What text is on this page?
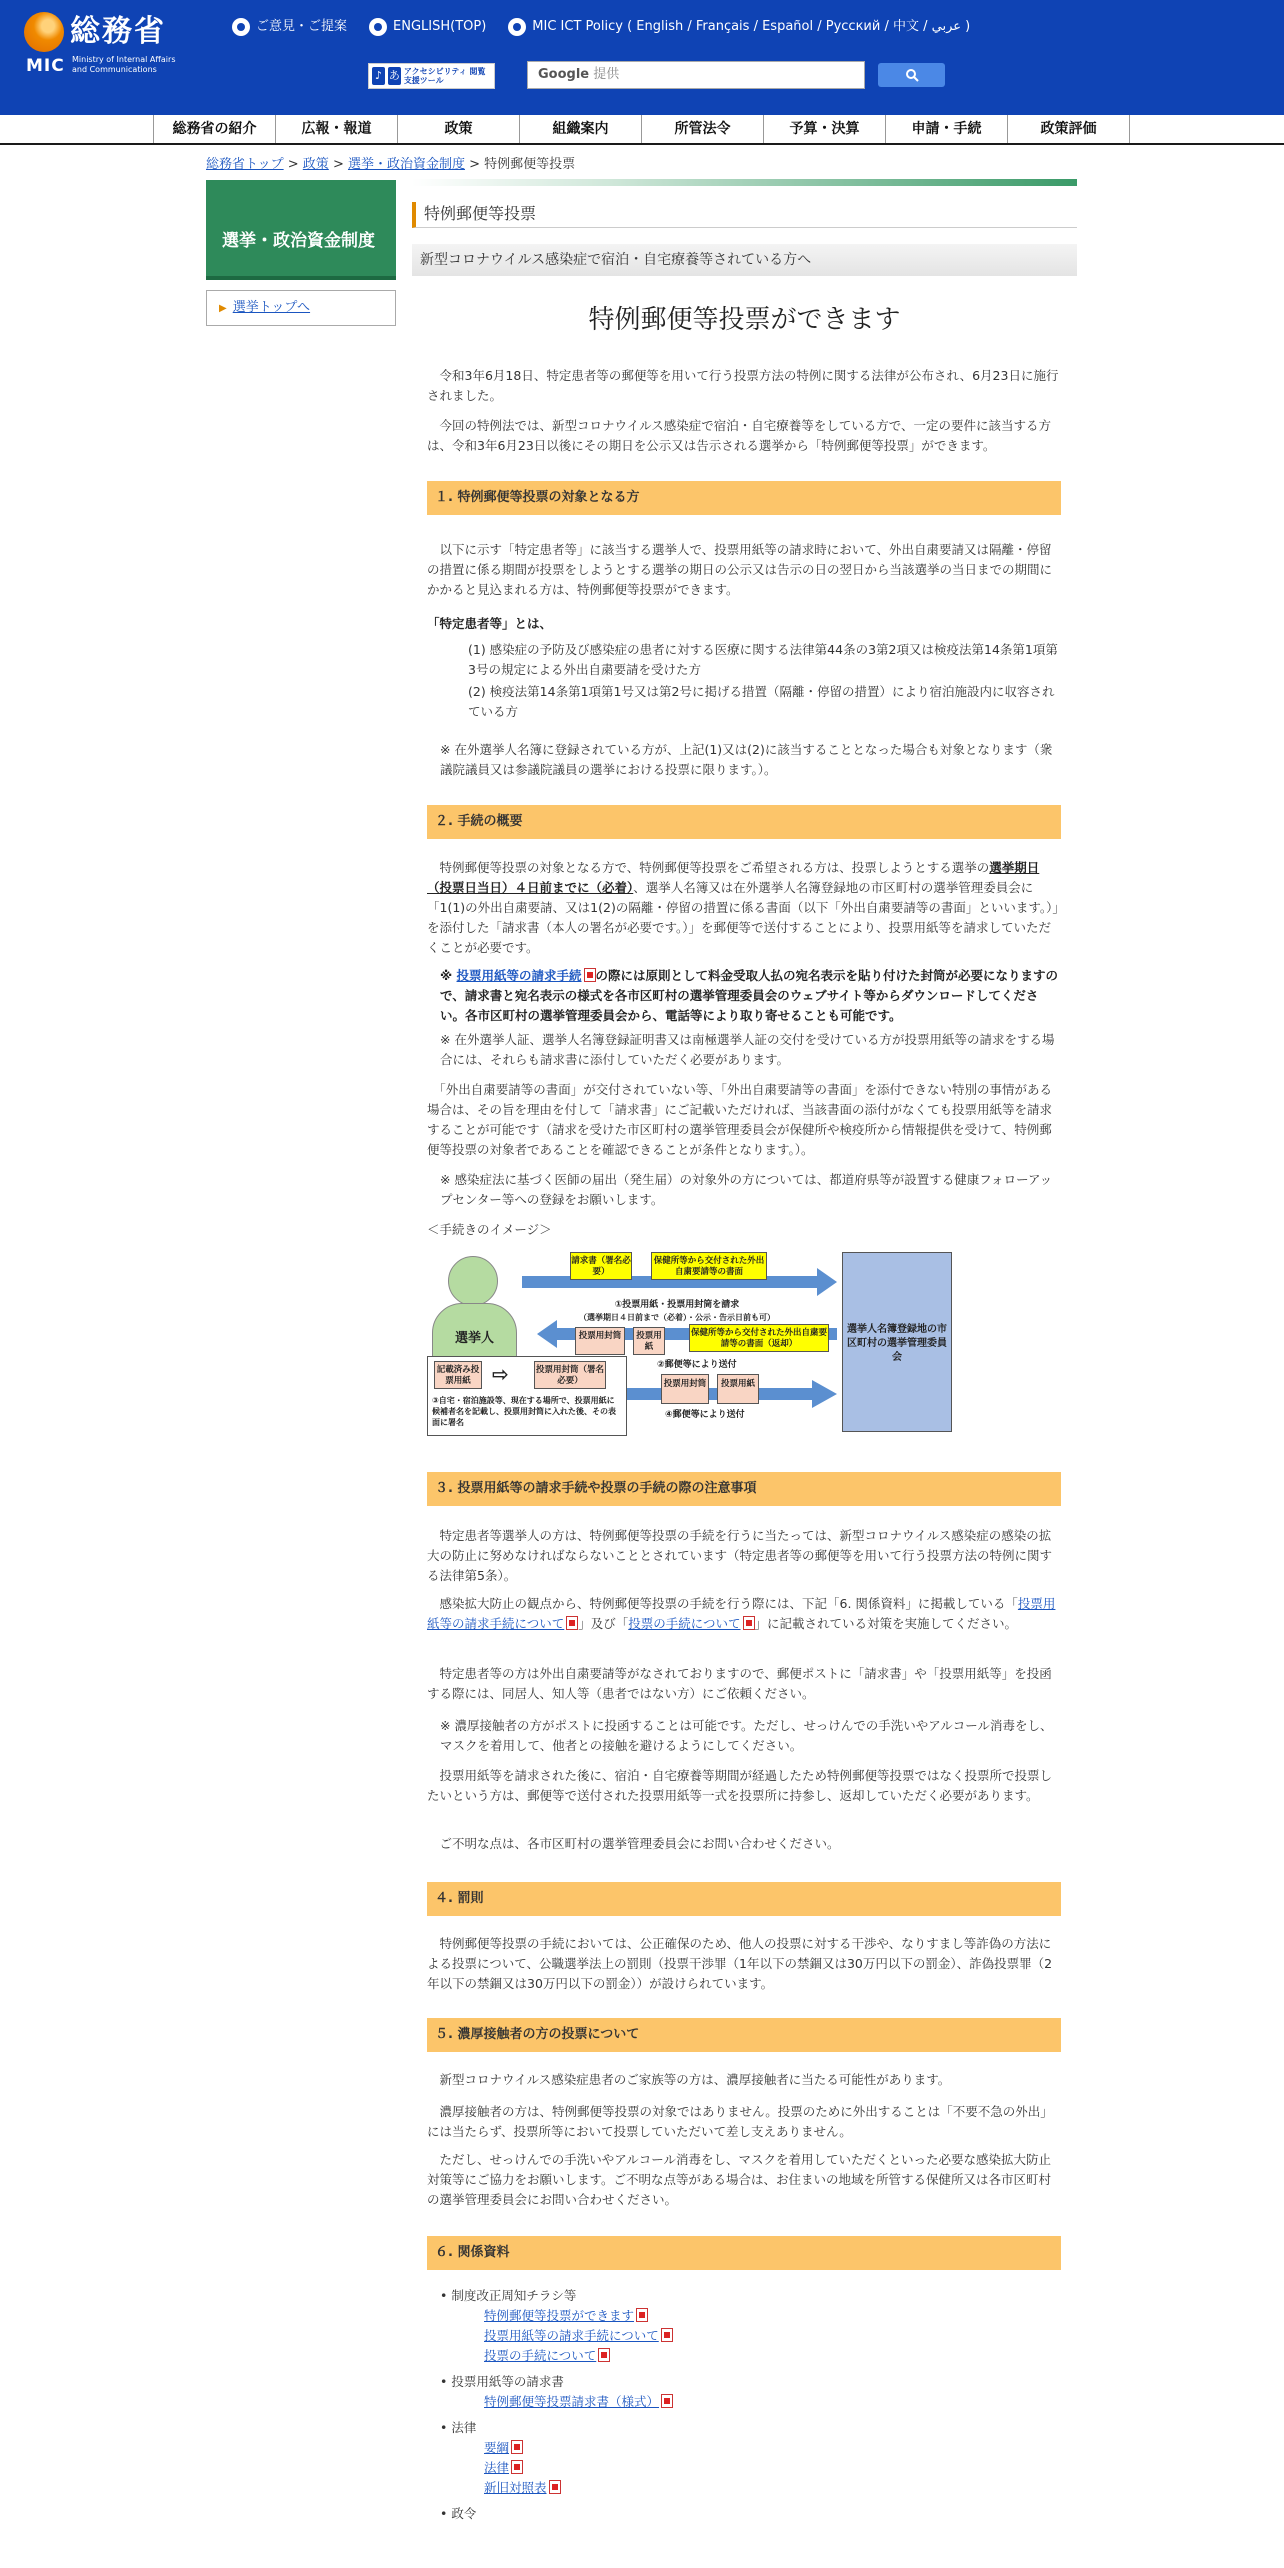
総務省
MIC Ministry of Internal Affairs and Communications
ご意見・ご提案	ENGLISH(TOP)	MIC ICT Policy ( English / Français / Español / Русский / 中文 / عربي )
♪ あ アクセシビリティ 閲覧支援ツール	Google 提供
総務省の紹介	広報・報道	政策	組織案内	所管法令	予算・決算	申請・手続	政策評価
総務省トップ > 政策 > 選挙・政治資金制度 > 特例郵便等投票
選挙・政治資金制度
▶ 選挙トップへ
特例郵便等投票
新型コロナウイルス感染症で宿泊・自宅療養等されている方へ
特例郵便等投票ができます
　令和3年6月18日、特定患者等の郵便等を用いて行う投票方法の特例に関する法律が公布され、6月23日に施行されました。
　今回の特例法では、新型コロナウイルス感染症で宿泊・自宅療養等をしている方で、一定の要件に該当する方は、令和3年6月23日以後にその期日を公示又は告示される選挙から「特例郵便等投票」ができます。
１. 特例郵便等投票の対象となる方
　以下に示す「特定患者等」に該当する選挙人で、投票用紙等の請求時において、外出自粛要請又は隔離・停留の措置に係る期間が投票をしようとする選挙の期日の公示又は告示の日の翌日から当該選挙の当日までの期間にかかると見込まれる方は、特例郵便等投票ができます。
「特定患者等」とは、
(1) 感染症の予防及び感染症の患者に対する医療に関する法律第44条の3第2項又は検疫法第14条第1項第3号の規定による外出自粛要請を受けた方
(2) 検疫法第14条第1項第1号又は第2号に掲げる措置（隔離・停留の措置）により宿泊施設内に収容されている方
※ 在外選挙人名簿に登録されている方が、上記(1)又は(2)に該当することとなった場合も対象となります（衆議院議員又は参議院議員の選挙における投票に限ります。）。
２. 手続の概要
　特例郵便等投票の対象となる方で、特例郵便等投票をご希望される方は、投票しようとする選挙の選挙期日（投票日当日）４日前までに（必着）、選挙人名簿又は在外選挙人名簿登録地の市区町村の選挙管理委員会に「1(1)の外出自粛要請、又は1(2)の隔離・停留の措置に係る書面（以下「外出自粛要請等の書面」といいます。）」を添付した「請求書（本人の署名が必要です。）」を郵便等で送付することにより、投票用紙等を請求していただくことが必要です。
※ 投票用紙等の請求手続 の際には原則として料金受取人払の宛名表示を貼り付けた封筒が必要になりますので、請求書と宛名表示の様式を各市区町村の選挙管理委員会のウェブサイト等からダウンロードしてください。各市区町村の選挙管理委員会から、電話等により取り寄せることも可能です。
※ 在外選挙人証、選挙人名簿登録証明書又は南極選挙人証の交付を受けている方が投票用紙等の請求をする場合には、それらも請求書に添付していただく必要があります。
　「外出自粛要請等の書面」が交付されていない等、「外出自粛要請等の書面」を添付できない特別の事情がある場合は、その旨を理由を付して「請求書」にご記載いただければ、当該書面の添付がなくても投票用紙等を請求することが可能です（請求を受けた市区町村の選挙管理委員会が保健所や検疫所から情報提供を受けて、特例郵便等投票の対象者であることを確認できることが条件となります。）。
※ 感染症法に基づく医師の届出（発生届）の対象外の方については、都道府県等が設置する健康フォローアップセンター等への登録をお願いします。
＜手続きのイメージ＞
選挙人
選挙人名簿登録地の市区町村の選挙管理委員会
請求書（署名必要）
保健所等から交付された外出自粛要請等の書面
①投票用紙・投票用封筒を請求
（選挙期日４日前まで（必着）・公示・告示日前も可）
投票用封筒	投票用紙
保健所等から交付された外出自粛要請等の書面（返却）
②郵便等により送付
記載済み投票用紙	⇨	投票用封筒（署名必要）
③自宅・宿泊施設等、現在する場所で、投票用紙に候補者名を記載し、投票用封筒に入れた後、その表面に署名
投票用封筒	投票用紙
④郵便等により送付
３. 投票用紙等の請求手続や投票の手続の際の注意事項
　特定患者等選挙人の方は、特例郵便等投票の手続を行うに当たっては、新型コロナウイルス感染症の感染の拡大の防止に努めなければならないこととされています（特定患者等の郵便等を用いて行う投票方法の特例に関する法律第5条）。
　感染拡大防止の観点から、特例郵便等投票の手続を行う際には、下記「6. 関係資料」に掲載している「投票用紙等の請求手続について 」及び「投票の手続について 」に記載されている対策を実施してください。
　特定患者等の方は外出自粛要請等がなされておりますので、郵便ポストに「請求書」や「投票用紙等」を投函する際には、同居人、知人等（患者ではない方）にご依頼ください。
※ 濃厚接触者の方がポストに投函することは可能です。ただし、せっけんでの手洗いやアルコール消毒をし、マスクを着用して、他者との接触を避けるようにしてください。
　投票用紙等を請求された後に、宿泊・自宅療養等期間が経過したため特例郵便等投票ではなく投票所で投票したいという方は、郵便等で送付された投票用紙等一式を投票所に持参し、返却していただく必要があります。
　ご不明な点は、各市区町村の選挙管理委員会にお問い合わせください。
４. 罰則
　特例郵便等投票の手続においては、公正確保のため、他人の投票に対する干渉や、なりすまし等詐偽の方法による投票について、公職選挙法上の罰則（投票干渉罪（1年以下の禁錮又は30万円以下の罰金）、詐偽投票罪（2年以下の禁錮又は30万円以下の罰金））が設けられています。
５. 濃厚接触者の方の投票について
　新型コロナウイルス感染症患者のご家族等の方は、濃厚接触者に当たる可能性があります。
　濃厚接触者の方は、特例郵便等投票の対象ではありません。投票のために外出することは「不要不急の外出」には当たらず、投票所等において投票していただいて差し支えありません。
　ただし、せっけんでの手洗いやアルコール消毒をし、マスクを着用していただくといった必要な感染拡大防止対策等にご協力をお願いします。ご不明な点等がある場合は、お住まいの地域を所管する保健所又は各市区町村の選挙管理委員会にお問い合わせください。
６. 関係資料
• 制度改正周知チラシ等
特例郵便等投票ができます
投票用紙等の請求手続について
投票の手続について
• 投票用紙等の請求書
特例郵便等投票請求書（様式）
• 法律
要綱
法律
新旧対照表
• 政令
